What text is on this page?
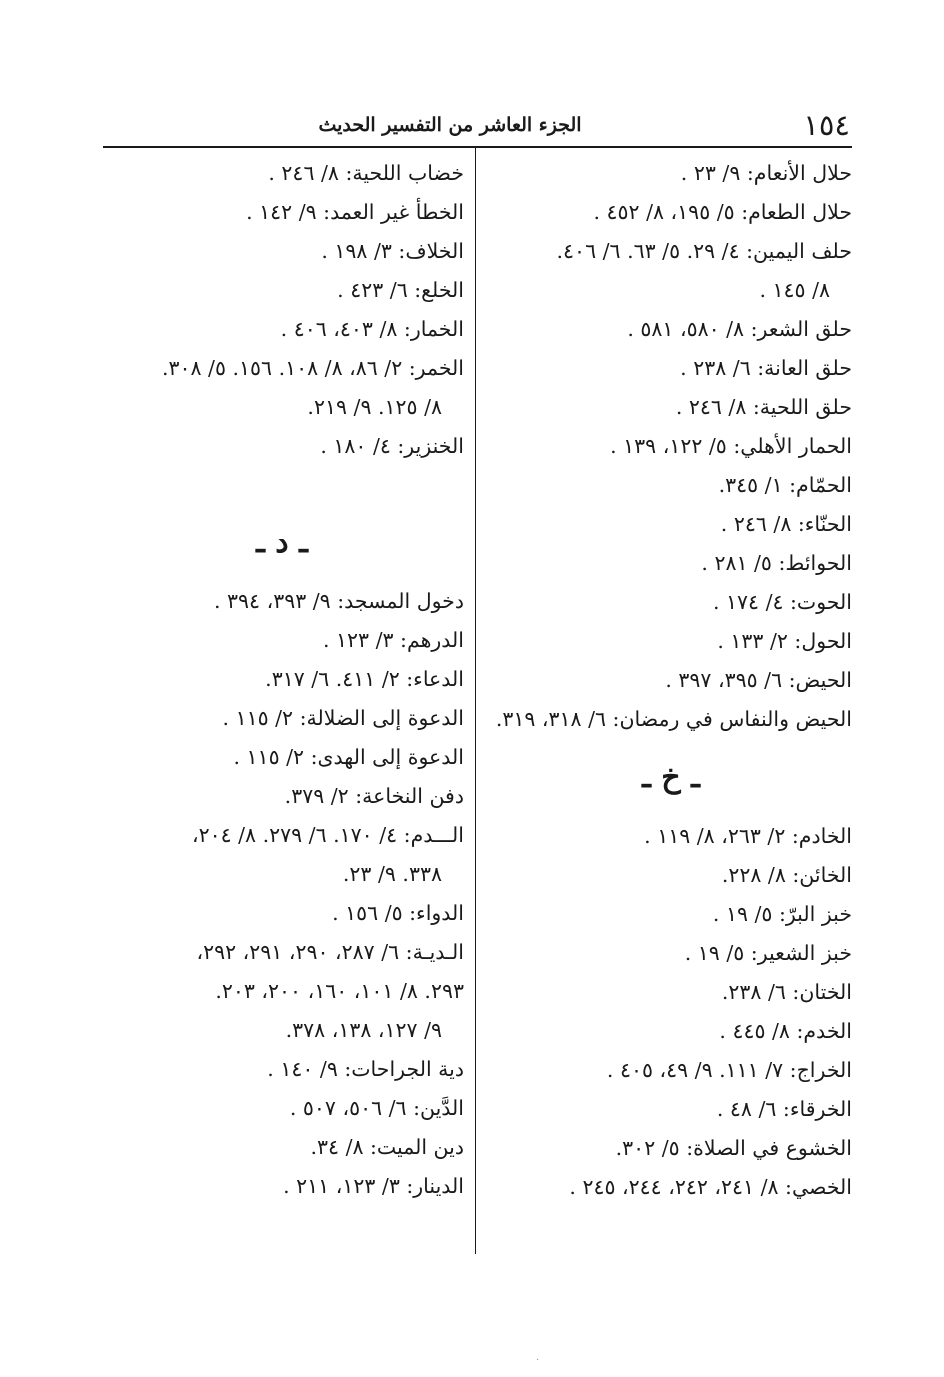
١٥٤
الجزء العاشر من التفسير الحديث
حلال الأنعام: ٩/ ٢٣ .
حلال الطعام: ٥/ ١٩٥، ٨/ ٤٥٢ .
حلف اليمين: ٤/ ٢٩. ٥/ ٦٣. ٦/ ٤٠٦.
٨/ ١٤٥ .
حلق الشعر: ٨/ ٥٨٠، ٥٨١ .
حلق العانة: ٦/ ٢٣٨ .
حلق اللحية: ٨/ ٢٤٦ .
الحمار الأهلي: ٥/ ١٢٢، ١٣٩ .
الحمّام: ١/ ٣٤٥.
الحنّاء: ٨/ ٢٤٦ .
الحوائط: ٥/ ٢٨١ .
الحوت: ٤/ ١٧٤ .
الحول: ٢/ ١٣٣ .
الحيض: ٦/ ٣٩٥، ٣٩٧ .
الحيض والنفاس في رمضان: ٦/ ٣١٨، ٣١٩.
ـ خ ـ
الخادم: ٢/ ٢٦٣، ٨/ ١١٩ .
الخائن: ٨/ ٢٢٨.
خبز البرّ: ٥/ ١٩ .
خبز الشعير: ٥/ ١٩ .
الختان: ٦/ ٢٣٨.
الخدم: ٨/ ٤٤٥ .
الخراج: ٧/ ١١١. ٩/ ٤٩، ٤٠٥ .
الخرقاء: ٦/ ٤٨ .
الخشوع في الصلاة: ٥/ ٣٠٢.
الخصي: ٨/ ٢٤١، ٢٤٢، ٢٤٤، ٢٤٥ .
خضاب اللحية: ٨/ ٢٤٦ .
الخطأ غير العمد: ٩/ ١٤٢ .
الخلاف: ٣/ ١٩٨ .
الخلع: ٦/ ٤٢٣ .
الخمار: ٨/ ٤٠٣، ٤٠٦ .
الخمر: ٢/ ٨٦، ٨/ ١٠٨. ١٥٦. ٥/ ٣٠٨.
٨/ ١٢٥. ٩/ ٢١٩.
الخنزير: ٤/ ١٨٠ .
ـ د ـ
دخول المسجد: ٩/ ٣٩٣، ٣٩٤ .
الدرهم: ٣/ ١٢٣ .
الدعاء: ٢/ ٤١١. ٦/ ٣١٧.
الدعوة إلى الضلالة: ٢/ ١١٥ .
الدعوة إلى الهدى: ٢/ ١١٥ .
دفن النخاعة: ٢/ ٣٧٩.
الـــدم: ٤/ ١٧٠. ٦/ ٢٧٩. ٨/ ٢٠٤،
٣٣٨. ٩/ ٢٣.
الدواء: ٥/ ١٥٦ .
الـديـة: ٦/ ٢٨٧، ٢٩٠، ٢٩١، ٢٩٢،
٢٩٣. ٨/ ١٠١، ١٦٠، ٢٠٠، ٢٠٣.
٩/ ١٢٧، ١٣٨، ٣٧٨.
دية الجراحات: ٩/ ١٤٠ .
الدَّين: ٦/ ٥٠٦، ٥٠٧ .
دين الميت: ٨/ ٣٤.
الدينار: ٣/ ١٢٣، ٢١١ .
·
